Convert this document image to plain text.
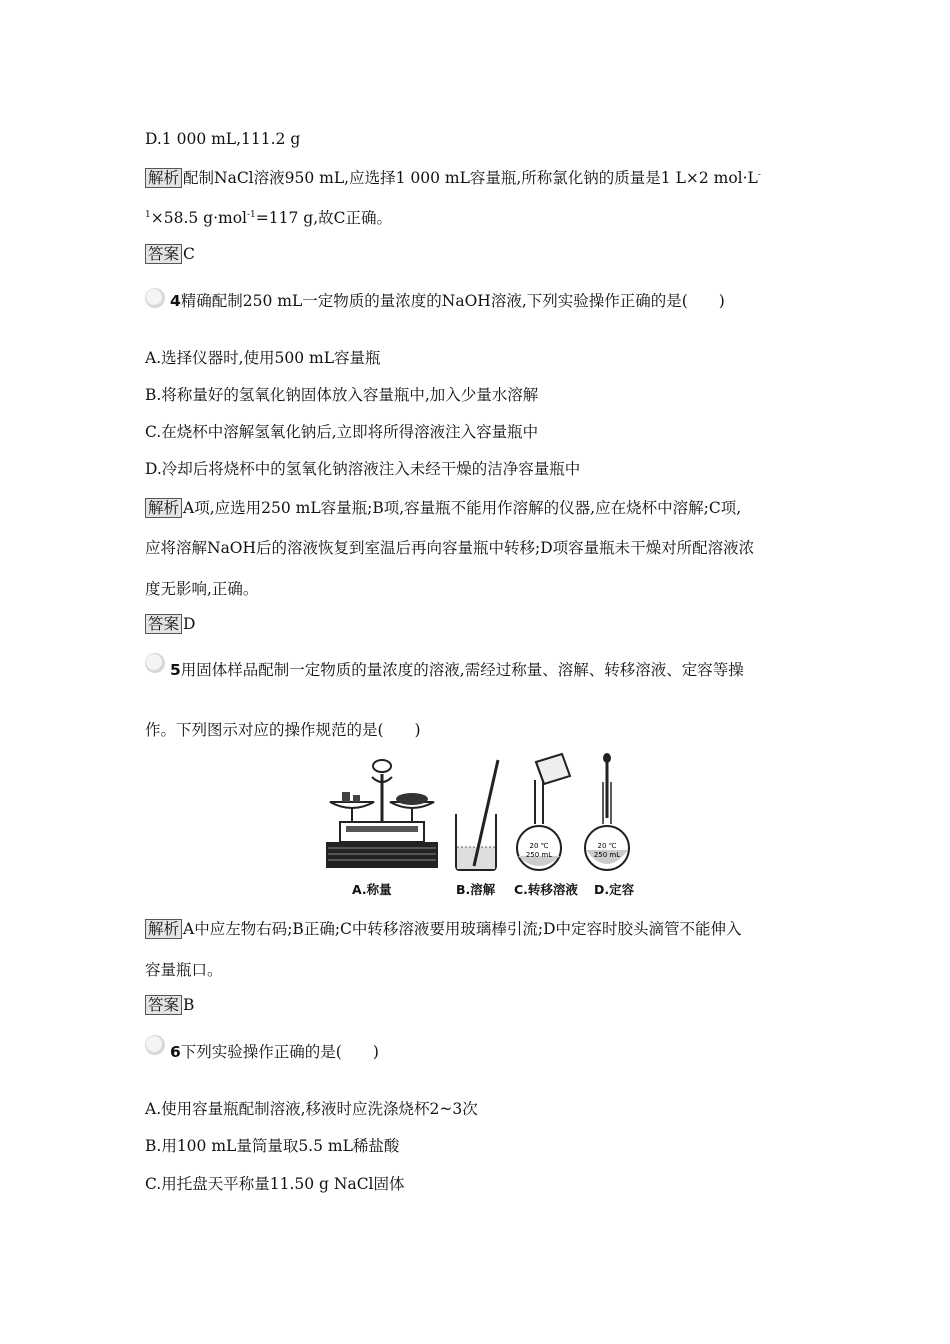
D.1 000 mL,111.2 g
解析 配制NaCl溶液950 mL,应选择1 000 mL容量瓶,所称氯化钠的质量是1 L×2 mol·L-
$^1$×58.5 g·mol$^{-1}$=117 g,故C正确。
答案 C
4精确配制250 mL一定物质的量浓度的NaOH溶液,下列实验操作正确的是(　　)
A.选择仪器时,使用500 mL容量瓶
B.将称量好的氢氧化钠固体放入容量瓶中,加入少量水溶解
C.在烧杯中溶解氢氧化钠后,立即将所得溶液注入容量瓶中
D.冷却后将烧杯中的氢氧化钠溶液注入未经干燥的洁净容量瓶中
解析 A项,应选用250 mL容量瓶;B项,容量瓶不能用作溶解的仪器,应在烧杯中溶解;C项,
应将溶解NaOH后的溶液恢复到室温后再向容量瓶中转移;D项容量瓶未干燥对所配溶液浓
度无影响,正确。
答案 D
5用固体样品配制一定物质的量浓度的溶液,需经过称量、溶解、转移溶液、定容等操
作。下列图示对应的操作规范的是(　　)
20 ℃
250 mL
20 ℃
250 mL
A.称量	B.溶解 C.转移溶液 D.定容
解析 A中应左物右码;B正确;C中转移溶液要用玻璃棒引流;D中定容时胶头滴管不能伸入
容量瓶口。
答案 B
6下列实验操作正确的是(　　)
A.使用容量瓶配制溶液,移液时应洗涤烧杯2~3次
B.用100 mL量筒量取5.5 mL稀盐酸
C.用托盘天平称量11.50 g NaCl固体
